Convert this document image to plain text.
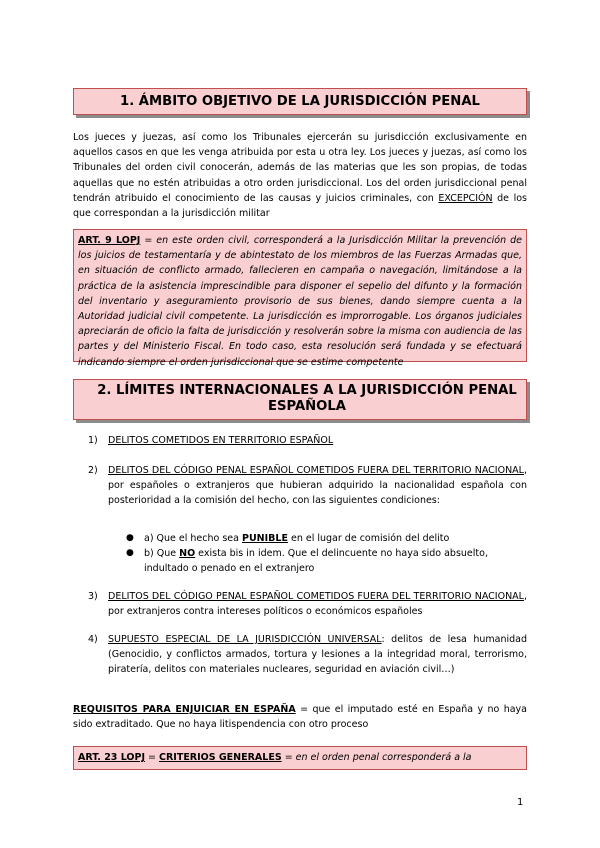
1. ÁMBITO OBJETIVO DE LA JURISDICCIÓN PENAL
Los jueces y juezas, así como los Tribunales ejercerán su jurisdicción exclusivamente en aquellos casos en que les venga atribuida por esta u otra ley. Los jueces y juezas, así como los Tribunales del orden civil conocerán, además de las materias que les son propias, de todas aquellas que no estén atribuidas a otro orden jurisdiccional. Los del orden jurisdiccional penal tendrán atribuido el conocimiento de las causas y juicios criminales, con EXCEPCIÓN de los que correspondan a la jurisdicción militar
ART. 9 LOPJ = en este orden civil, corresponderá a la Jurisdicción Militar la prevención de los juicios de testamentaría y de abintestato de los miembros de las Fuerzas Armadas que, en situación de conflicto armado, fallecieren en campaña o navegación, limitándose a la práctica de la asistencia imprescindible para disponer el sepelio del difunto y la formación del inventario y aseguramiento provisorio de sus bienes, dando siempre cuenta a la Autoridad judicial civil competente. La jurisdicción es improrrogable. Los órganos judiciales apreciarán de oficio la falta de jurisdicción y resolverán sobre la misma con audiencia de las partes y del Ministerio Fiscal. En todo caso, esta resolución será fundada y se efectuará indicando siempre el orden jurisdiccional que se estime competente
2. LÍMITES INTERNACIONALES A LA JURISDICCIÓN PENAL ESPAÑOLA
1) DELITOS COMETIDOS EN TERRITORIO ESPAÑOL
2) DELITOS DEL CÓDIGO PENAL ESPAÑOL COMETIDOS FUERA DEL TERRITORIO NACIONAL, por españoles o extranjeros que hubieran adquirido la nacionalidad española con posterioridad a la comisión del hecho, con las siguientes condiciones:
● a) Que el hecho sea PUNIBLE en el lugar de comisión del delito
● b) Que NO exista bis in idem. Que el delincuente no haya sido absuelto, indultado o penado en el extranjero
3) DELITOS DEL CÓDIGO PENAL ESPAÑOL COMETIDOS FUERA DEL TERRITORIO NACIONAL, por extranjeros contra intereses políticos o económicos españoles
4) SUPUESTO ESPECIAL DE LA JURISDICCIÓN UNIVERSAL: delitos de lesa humanidad (Genocidio, y conflictos armados, tortura y lesiones a la integridad moral, terrorismo, piratería, delitos con materiales nucleares, seguridad en aviación civil…)
REQUISITOS PARA ENJUICIAR EN ESPAÑA = que el imputado esté en España y no haya sido extraditado. Que no haya litispendencia con otro proceso
ART. 23 LOPJ = CRITERIOS GENERALES = en el orden penal corresponderá a la
1
